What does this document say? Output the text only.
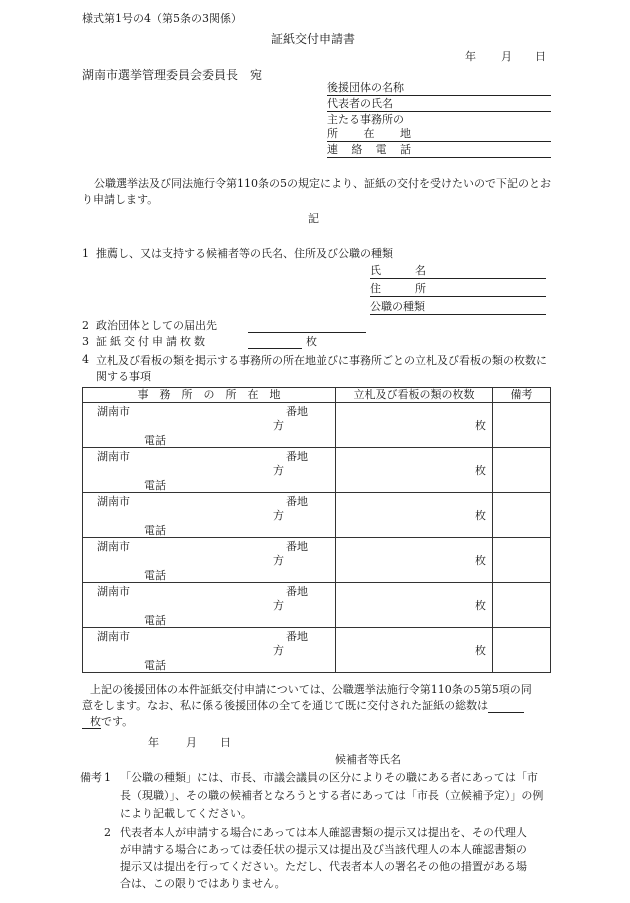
様式第1号の4（第5条の3関係）
証紙交付申請書
年 月 日
湖南市選挙管理委員会委員長　宛
後援団体の名称
代表者の氏名
主たる事務所の
所 在 地
連 絡 電 話
公職選挙法及び同法施行令第110条の5の規定により、証紙の交付を受けたいので下記のとおり申請します。
記
1 推薦し、又は支持する候補者等の氏名、住所及び公職の種類
氏	名
住	所
公職の種類
2 政治団体としての届出先
3 証紙交付申請枚数	枚
4 立札及び看板の類を掲示する事務所の所在地並びに事務所ごとの立札及び看板の類の枚数に関する事項
事　務　所　の　所　在　地	立札及び看板の類の枚数	備考

湖南市 番地
方
電話	枚	

湖南市 番地
方
電話	枚	

湖南市 番地
方
電話	枚	

湖南市 番地
方
電話	枚	

湖南市 番地
方
電話	枚	

湖南市 番地
方
電話	枚	

上記の後援団体の本件証紙交付申請については、公職選挙法施行令第110条の5第5項の同
意をします。なお、私に係る後援団体の全てを通じて既に交付された証紙の総数は
枚です。
年 月 日
候補者等氏名
備考 1 「公職の種類」には、市長、市議会議員の区分によりその職にある者にあっては「市
長（現職）」、その職の候補者となろうとする者にあっては「市長（立候補予定）」の例
により記載してください。
2 代表者本人が申請する場合にあっては本人確認書類の提示又は提出を、その代理人
が申請する場合にあっては委任状の提示又は提出及び当該代理人の本人確認書類の
提示又は提出を行ってください。ただし、代表者本人の署名その他の措置がある場
合は、この限りではありません。
